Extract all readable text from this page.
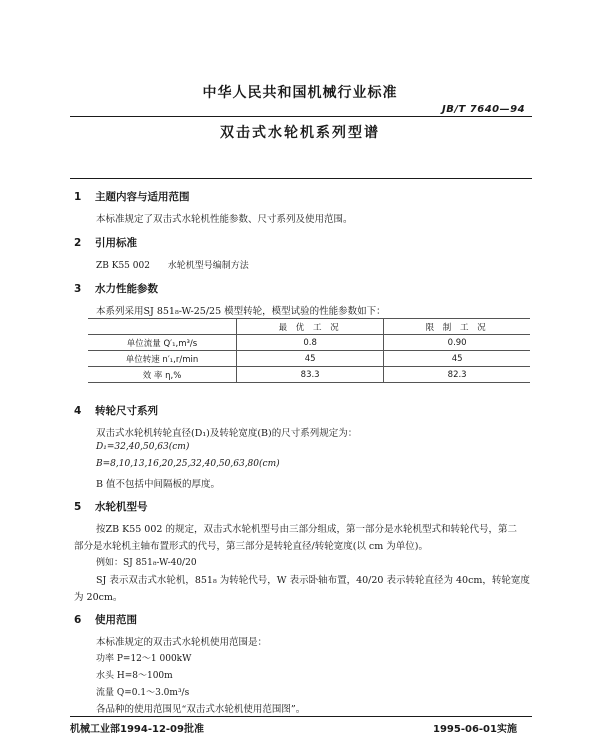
中华人民共和国机械行业标准
JB/T 7640—94
双击式水轮机系列型谱
1 主题内容与适用范围
本标准规定了双击式水轮机性能参数、尺寸系列及使用范围。
2 引用标准
ZB K55 002 水轮机型号编制方法
3 水力性能参数
本系列采用SJ 851₈-W-25/25 模型转轮，模型试验的性能参数如下：
	最 优 工 况	限 制 工 况
单位流量 Q′₁,m³/s	0.8	0.90
单位转速 n′₁,r/min	45	45
效 率 η,%	83.3	82.3
4 转轮尺寸系列
双击式水轮机转轮直径(D₁)及转轮宽度(B)的尺寸系列规定为：
D₁=32,40,50,63(cm)
B=8,10,13,16,20,25,32,40,50,63,80(cm)
B 值不包括中间隔板的厚度。
5 水轮机型号
按ZB K55 002 的规定，双击式水轮机型号由三部分组成，第一部分是水轮机型式和转轮代号，第二
部分是水轮机主轴布置形式的代号，第三部分是转轮直径/转轮宽度(以 cm 为单位)。
例如：SJ 851₈-W-40/20
SJ 表示双击式水轮机，851₈ 为转轮代号，W 表示卧轴布置，40/20 表示转轮直径为 40cm，转轮宽度
为 20cm。
6 使用范围
本标准规定的双击式水轮机使用范围是：
功率 P=12～1 000kW
水头 H=8～100m
流量 Q=0.1～3.0m³/s
各品种的使用范围见“双击式水轮机使用范围图”。
机械工业部1994-12-09批准	1995-06-01实施
